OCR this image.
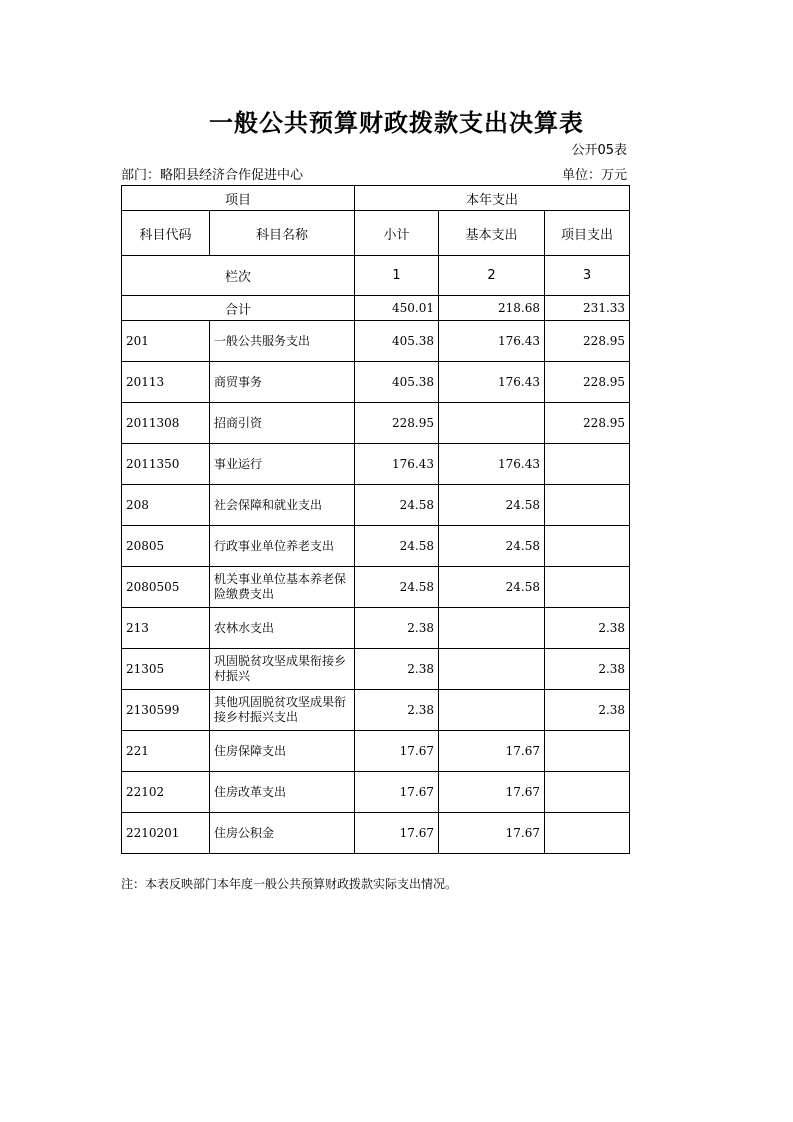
一般公共预算财政拨款支出决算表
公开05表
部门：略阳县经济合作促进中心	单位：万元
项目		本年支出		
科目代码	科目名称	小计	基本支出	项目支出
栏次		1	2	3
合计		450.01	218.68	231.33
201	一般公共服务支出	405.38	176.43	228.95
20113	商贸事务	405.38	176.43	228.95
2011308	招商引资	228.95		228.95
2011350	事业运行	176.43	176.43	
208	社会保障和就业支出	24.58	24.58	
20805	行政事业单位养老支出	24.58	24.58	
2080505	机关事业单位基本养老保险缴费支出	24.58	24.58	
213	农林水支出	2.38		2.38
21305	巩固脱贫攻坚成果衔接乡村振兴	2.38		2.38
2130599	其他巩固脱贫攻坚成果衔接乡村振兴支出	2.38		2.38
221	住房保障支出	17.67	17.67	
22102	住房改革支出	17.67	17.67	
2210201	住房公积金	17.67	17.67	
注：本表反映部门本年度一般公共预算财政拨款实际支出情况。
